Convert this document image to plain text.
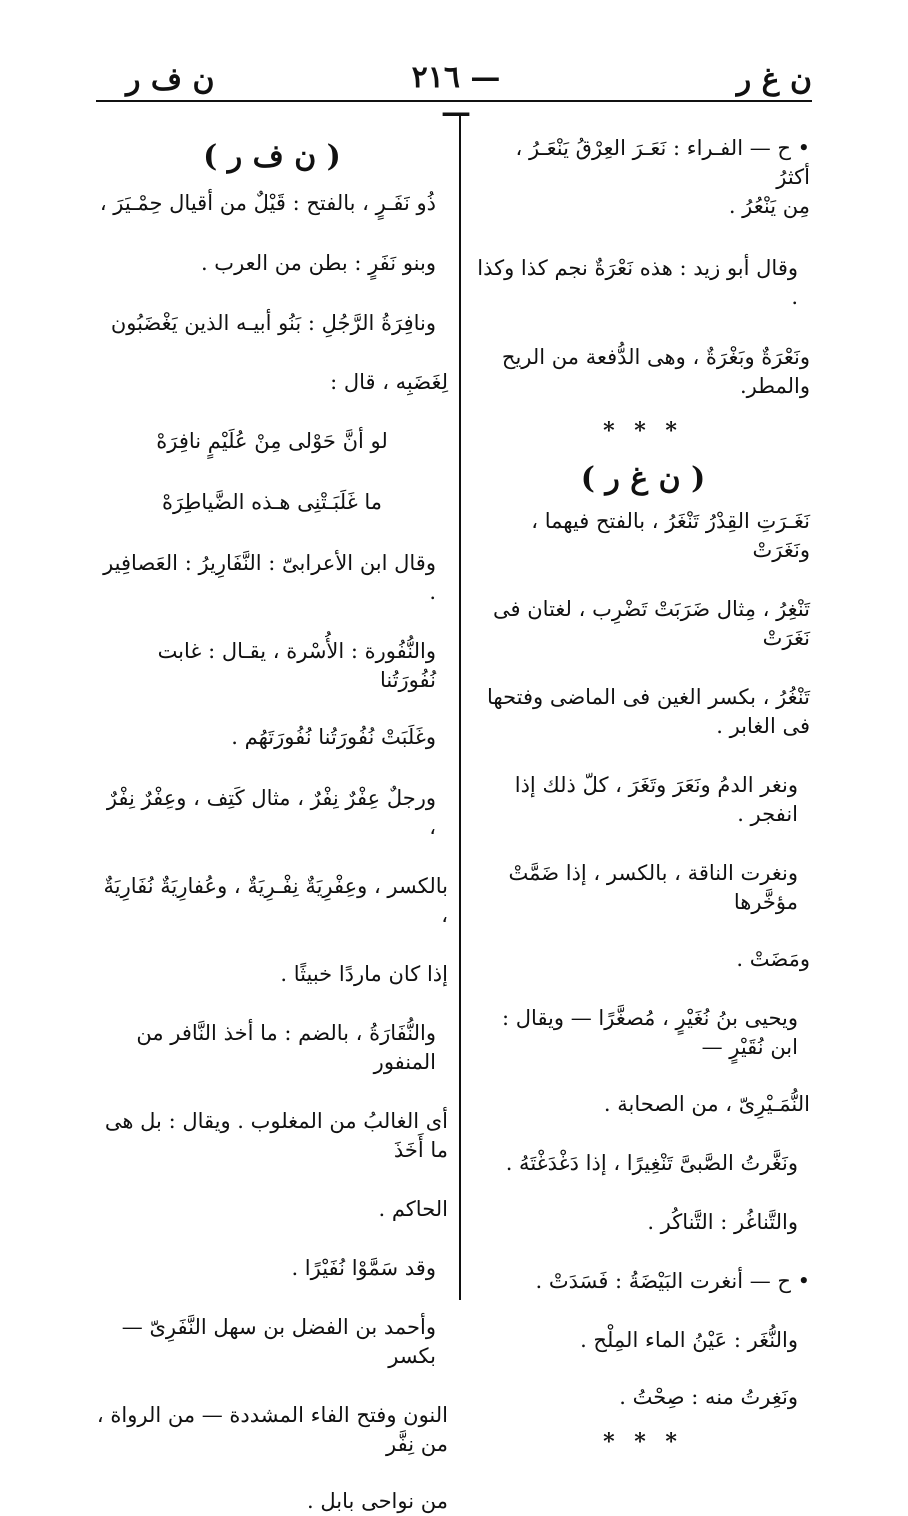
ن غ ر
— ٢١٦ —
ن ف ر

• ح — الفـراء : نَعَـرَ العِرْقُ يَنْعَـرُ ، أكثرُ

مِن يَنْعُرُ .

وقال أبو زيد : هذه نَعْرَةٌ نجم كذا وكذا .

ونَعْرَةٌ وبَغْرَةٌ ، وهى الدُّفعة من الريح والمطر.

* * *

( ن غ ر )

نَغَـرَتِ القِدْرُ تَنْغَرُ ، بالفتح فيهما ، ونَغَرَتْ

تَنْغِرُ ، مِثال ضَرَبَتْ تَضْرِب ، لغتان فى نَغَرَتْ

تَنْغُرُ ، بكسر الغين فى الماضى وفتحها فى الغابر .

ونغر الدمُ ونَعَرَ وتَغَرَ ، كلّ ذلك إذا انفجر .

ونغرت الناقة ، بالكسر ، إذا ضَمَّتْ مؤخَّرها

ومَضَتْ .

ويحيى بنُ نُغَيْرٍ ، مُصغَّرًا — ويقال : ابن نُقَيْرٍ —

النُّمَـيْرِىّ ، من الصحابة .

ونَغَّرتُ الصَّبىَّ تَنْغِيرًا ، إذا دَغْدَغْتَهُ .

والتَّناغُر : التَّناكُر .

• ح — أنغرت البَيْضَةُ : فَسَدَتْ .

والنُّغَر : عَيْنُ الماء المِلْح .

ونَغِرتُ منه : صِحْتُ .

* * *

( ن ف ر )

ذُو نَفَـرٍ ، بالفتح : قَيْلٌ من أقيال حِمْـيَرَ ،

وبنو نَفَرٍ : بطن من العرب .

ونافِرَةُ الرَّجُلِ : بَنُو أبيـه الذين يَغْضَبُون

لِغَضَبِه ، قال :

لو أنَّ حَوْلى مِنْ عُلَيْمٍ نافِرَهْ

ما غَلَبَـتْنِى هـذه الضَّياطِرَهْ

وقال ابن الأعرابىّ : النَّفَارِيرُ : العَصافِير .

والنُّفُورة : الأُسْرة ، يقـال : غابت نُفُورَتُنا

وغَلَبَتْ نُفُورَتُنا نُفُورَتَهُم .

ورجلٌ عِفْرٌ نِفْرٌ ، مثال كَتِف ، وعِفْرٌ نِفْرٌ ،

بالكسر ، وعِفْرِيَةٌ نِفْـرِيَةٌ ، وعُفارِيَةٌ نُفَارِيَةٌ ،

إذا كان ماردًا خبيثًا .

والنُّفَارَةُ ، بالضم : ما أخذ النَّافر من المنفور

أى الغالبُ من المغلوب . ويقال : بل هى ما أَخَذَ

الحاكم .

وقد سَمَّوْا نُفَيْرًا .

وأحمد بن الفضل بن سهل النَّفَرِىّ — بكسر

النون وفتح الفاء المشددة — من الرواة ، من نِفَّر

من نواحى بابل .
